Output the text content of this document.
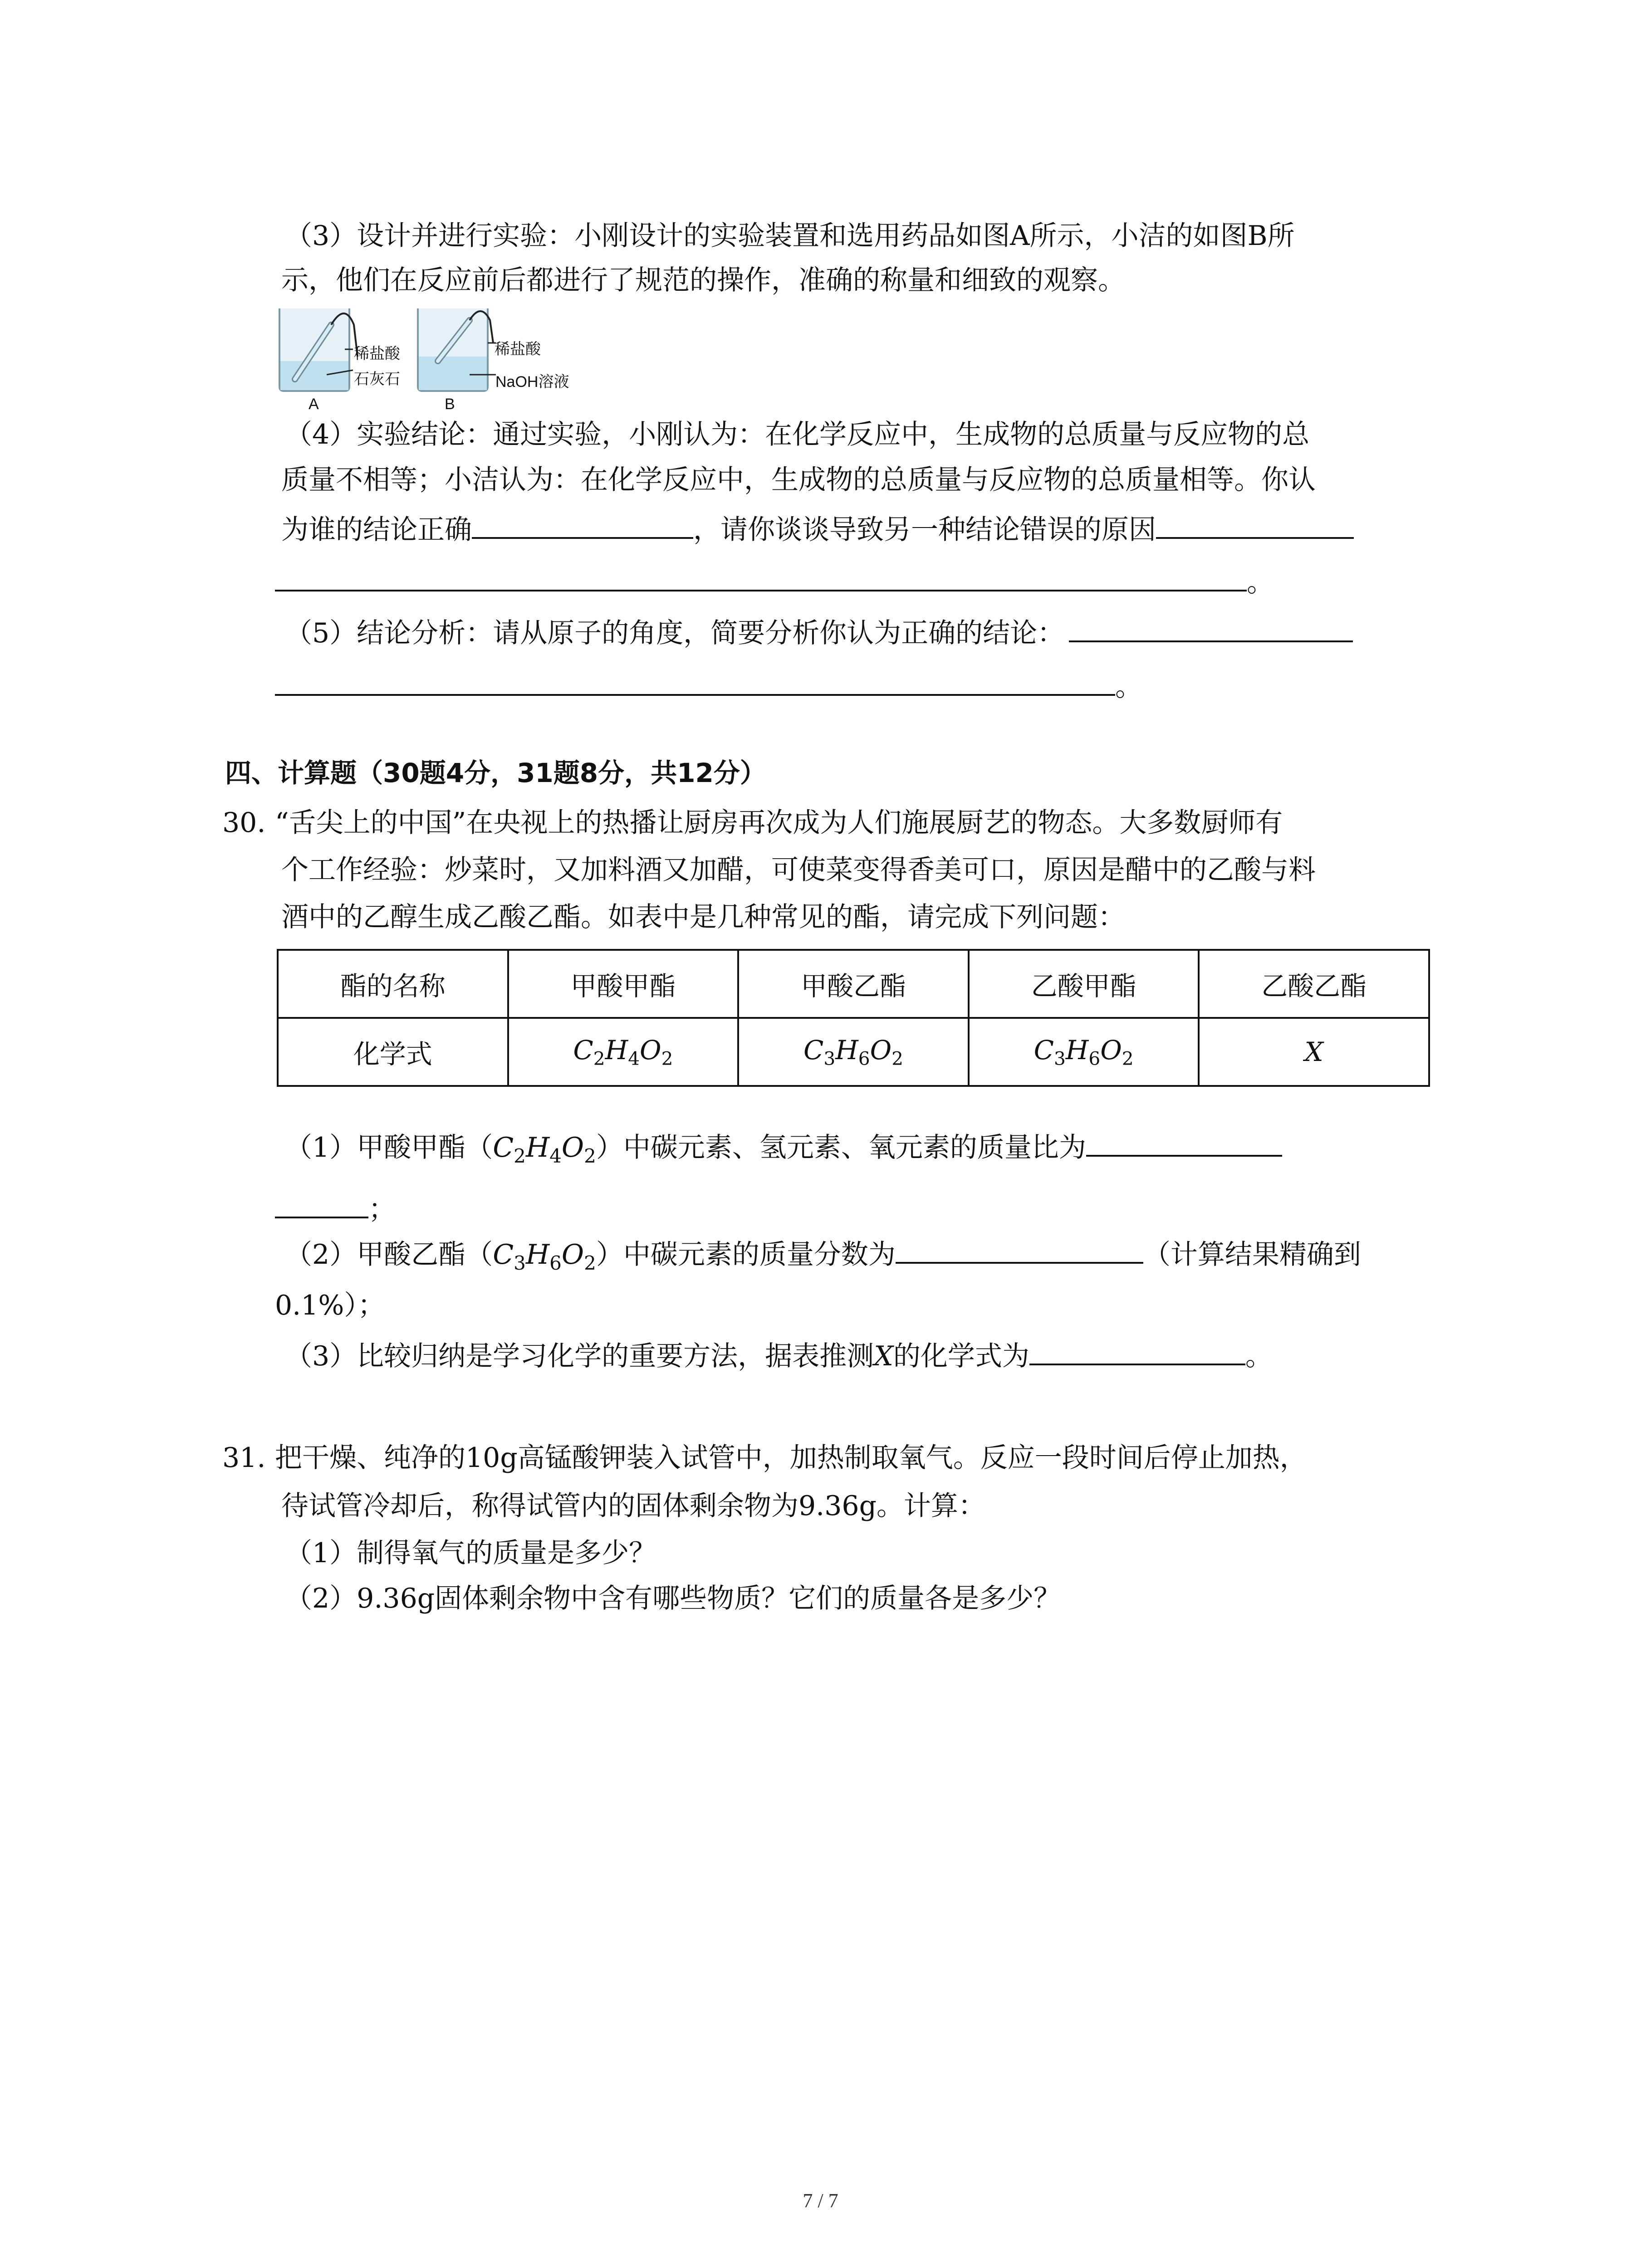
（3）设计并进行实验：小刚设计的实验装置和选用药品如图A所示，小洁的如图B所
示，他们在反应前后都进行了规范的操作，准确的称量和细致的观察。
稀盐酸
石灰石
A
稀盐酸
NaOH溶液
B
（4）实验结论：通过实验，小刚认为：在化学反应中，生成物的总质量与反应物的总
质量不相等；小洁认为：在化学反应中，生成物的总质量与反应物的总质量相等。你认
为谁的结论正确	，请你谈谈导致另一种结论错误的原因
。
（5）结论分析：请从原子的角度，简要分析你认为正确的结论：
。
四、计算题（30题4分，31题8分，共12分）
30. “舌尖上的中国”在央视上的热播让厨房再次成为人们施展厨艺的物态。大多数厨师有
个工作经验：炒菜时，又加料酒又加醋，可使菜变得香美可口，原因是醋中的乙酸与料
酒中的乙醇生成乙酸乙酯。如表中是几种常见的酯，请完成下列问题：
酯的名称	甲酸甲酯	甲酸乙酯	乙酸甲酯	乙酸乙酯
化学式	$C_2H_4O_2$	$C_3H_6O_2$	$C_3H_6O_2$	X
（1）甲酸甲酯$(C_2H_4O_2)$中碳元素、氢元素、氧元素的质量比为
；
（2）甲酸乙酯$(C_3H_6O_2)$中碳元素的质量分数为	（计算结果精确到
0.1%）；
（3）比较归纳是学习化学的重要方法，据表推测X的化学式为	。
31. 把干燥、纯净的10g高锰酸钾装入试管中，加热制取氧气。反应一段时间后停止加热，
待试管冷却后，称得试管内的固体剩余物为9.36g。计算：
（1）制得氧气的质量是多少？
（2）9.36g固体剩余物中含有哪些物质？它们的质量各是多少？
7 / 7
